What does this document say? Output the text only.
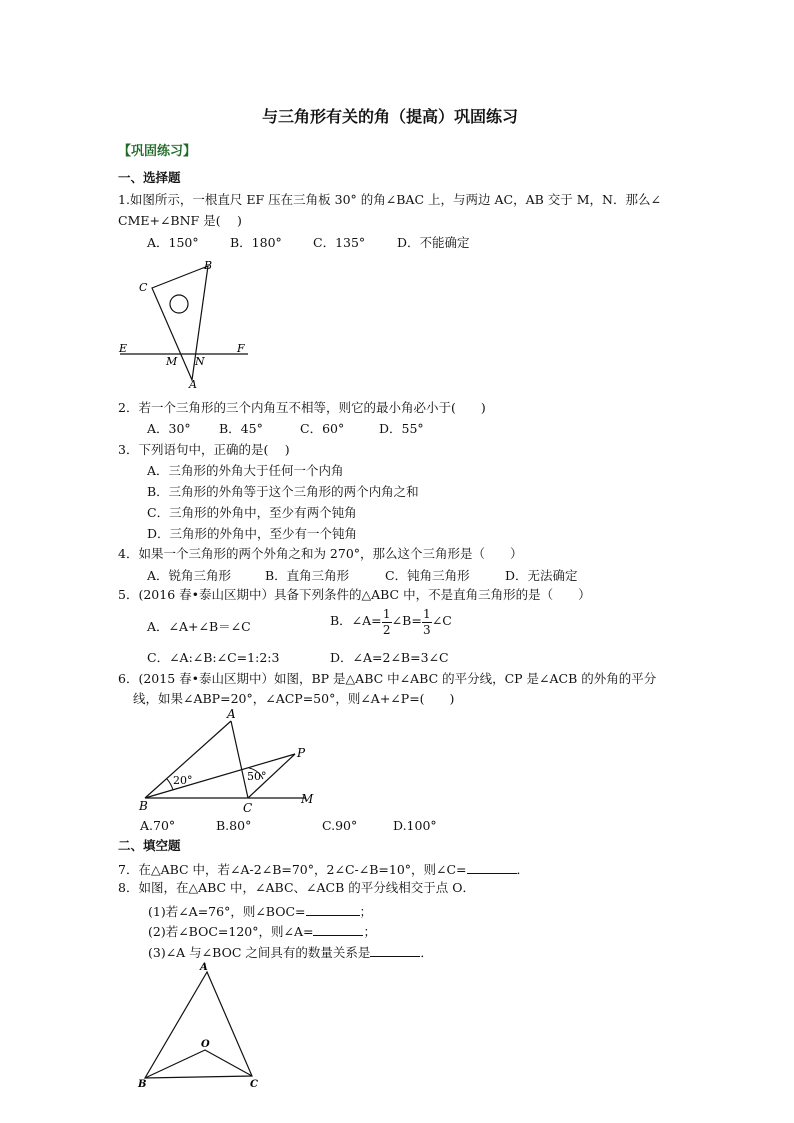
与三角形有关的角（提高）巩固练习
【巩固练习】
一、选择题
1.如图所示，一根直尺 EF 压在三角板 30° 的角∠BAC 上，与两边 AC，AB 交于 M，N．那么∠
CME+∠BNF 是(　 )
A．150°	B．180° C．135°	D．不能确定
B
C
E	F
M N
A
2．若一个三角形的三个内角互不相等，则它的最小角必小于(　　)
A．30° B．45°	C．60°	D．55°
3．下列语句中，正确的是(　 )
A．三角形的外角大于任何一个内角
B．三角形的外角等于这个三角形的两个内角之和
C．三角形的外角中，至少有两个钝角
D．三角形的外角中，至少有一个钝角
4．如果一个三角形的两个外角之和为 270°，那么这个三角形是（　　）
A．锐角三角形	B．直角三角形	C．钝角三角形	D．无法确定
5．(2016 春•泰山区期中）具备下列条件的△ABC 中，不是直角三角形的是（　　）
A．∠A+∠B＝∠C	B．∠A= $\frac{1}{2}$ ∠B= $\frac{1}{3}$ ∠C
C．∠A:∠B:∠C=1:2:3	D．∠A=2∠B=3∠C
6．(2015 春•泰山区期中）如图，BP 是△ABC 中∠ABC 的平分线，CP 是∠ACB 的外角的平分
线，如果∠ABP=20°，∠ACP=50°，则∠A+∠P=(　　)
A
P
B	C
M
20°	50°
A.70°	B.80°	C.90°	D.100°
二、填空题
7．在△ABC 中，若∠A-2∠B=70°，2∠C-∠B=10°，则∠C=	．
8．如图，在△ABC 中，∠ABC、∠ACB 的平分线相交于点 O．
(1)若∠A=76°，则∠BOC=	；
(2)若∠BOC=120°，则∠A=	；
(3)∠A 与∠BOC 之间具有的数量关系是	．
A
O
B	C
